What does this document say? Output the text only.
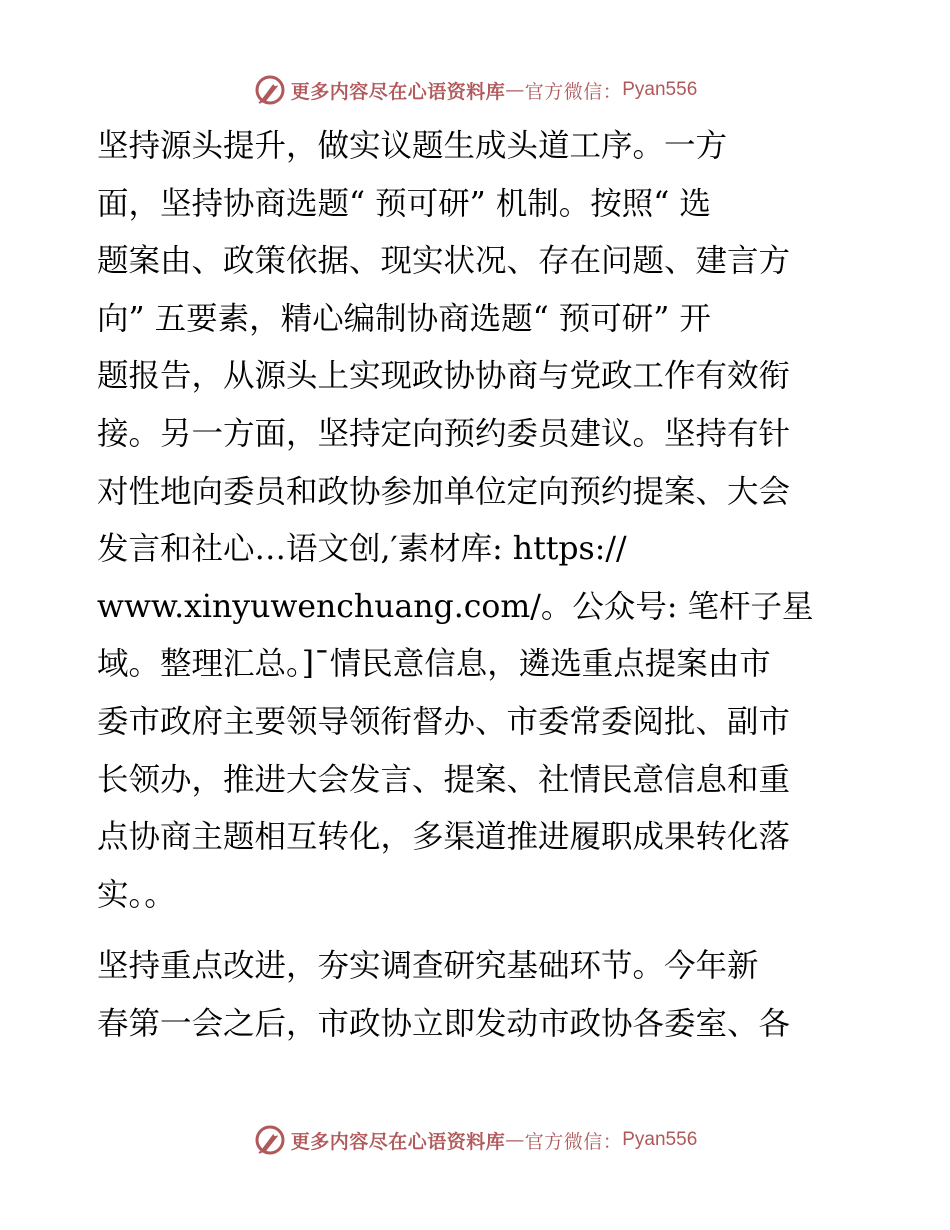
更多内容尽在心语资料库 — 官方微信： Pyan556
坚持源头提升，做实议题生成头道工序。一方
面，坚持协商选题“ 预可研” 机制。按照“ 选
题案由、政策依据、现实状况、存在问题、建言方
向” 五要素，精心编制协商选题“ 预可研” 开
题报告，从源头上实现政协协商与党政工作有效衔
接。另一方面，坚持定向预约委员建议。坚持有针
对性地向委员和政协参加单位定向预约提案、大会
发言和社心…语文创,′素材库: https://
www.xinyuwenchuang.com/。公众号: 笔杆子星
域。整理汇总。]¯情民意信息，遴选重点提案由市
委市政府主要领导领衔督办、市委常委阅批、副市
长领办，推进大会发言、提案、社情民意信息和重
点协商主题相互转化，多渠道推进履职成果转化落
实。。
坚持重点改进，夯实调查研究基础环节。今年新
春第一会之后，市政协立即发动市政协各委室、各
更多内容尽在心语资料库 — 官方微信： Pyan556
